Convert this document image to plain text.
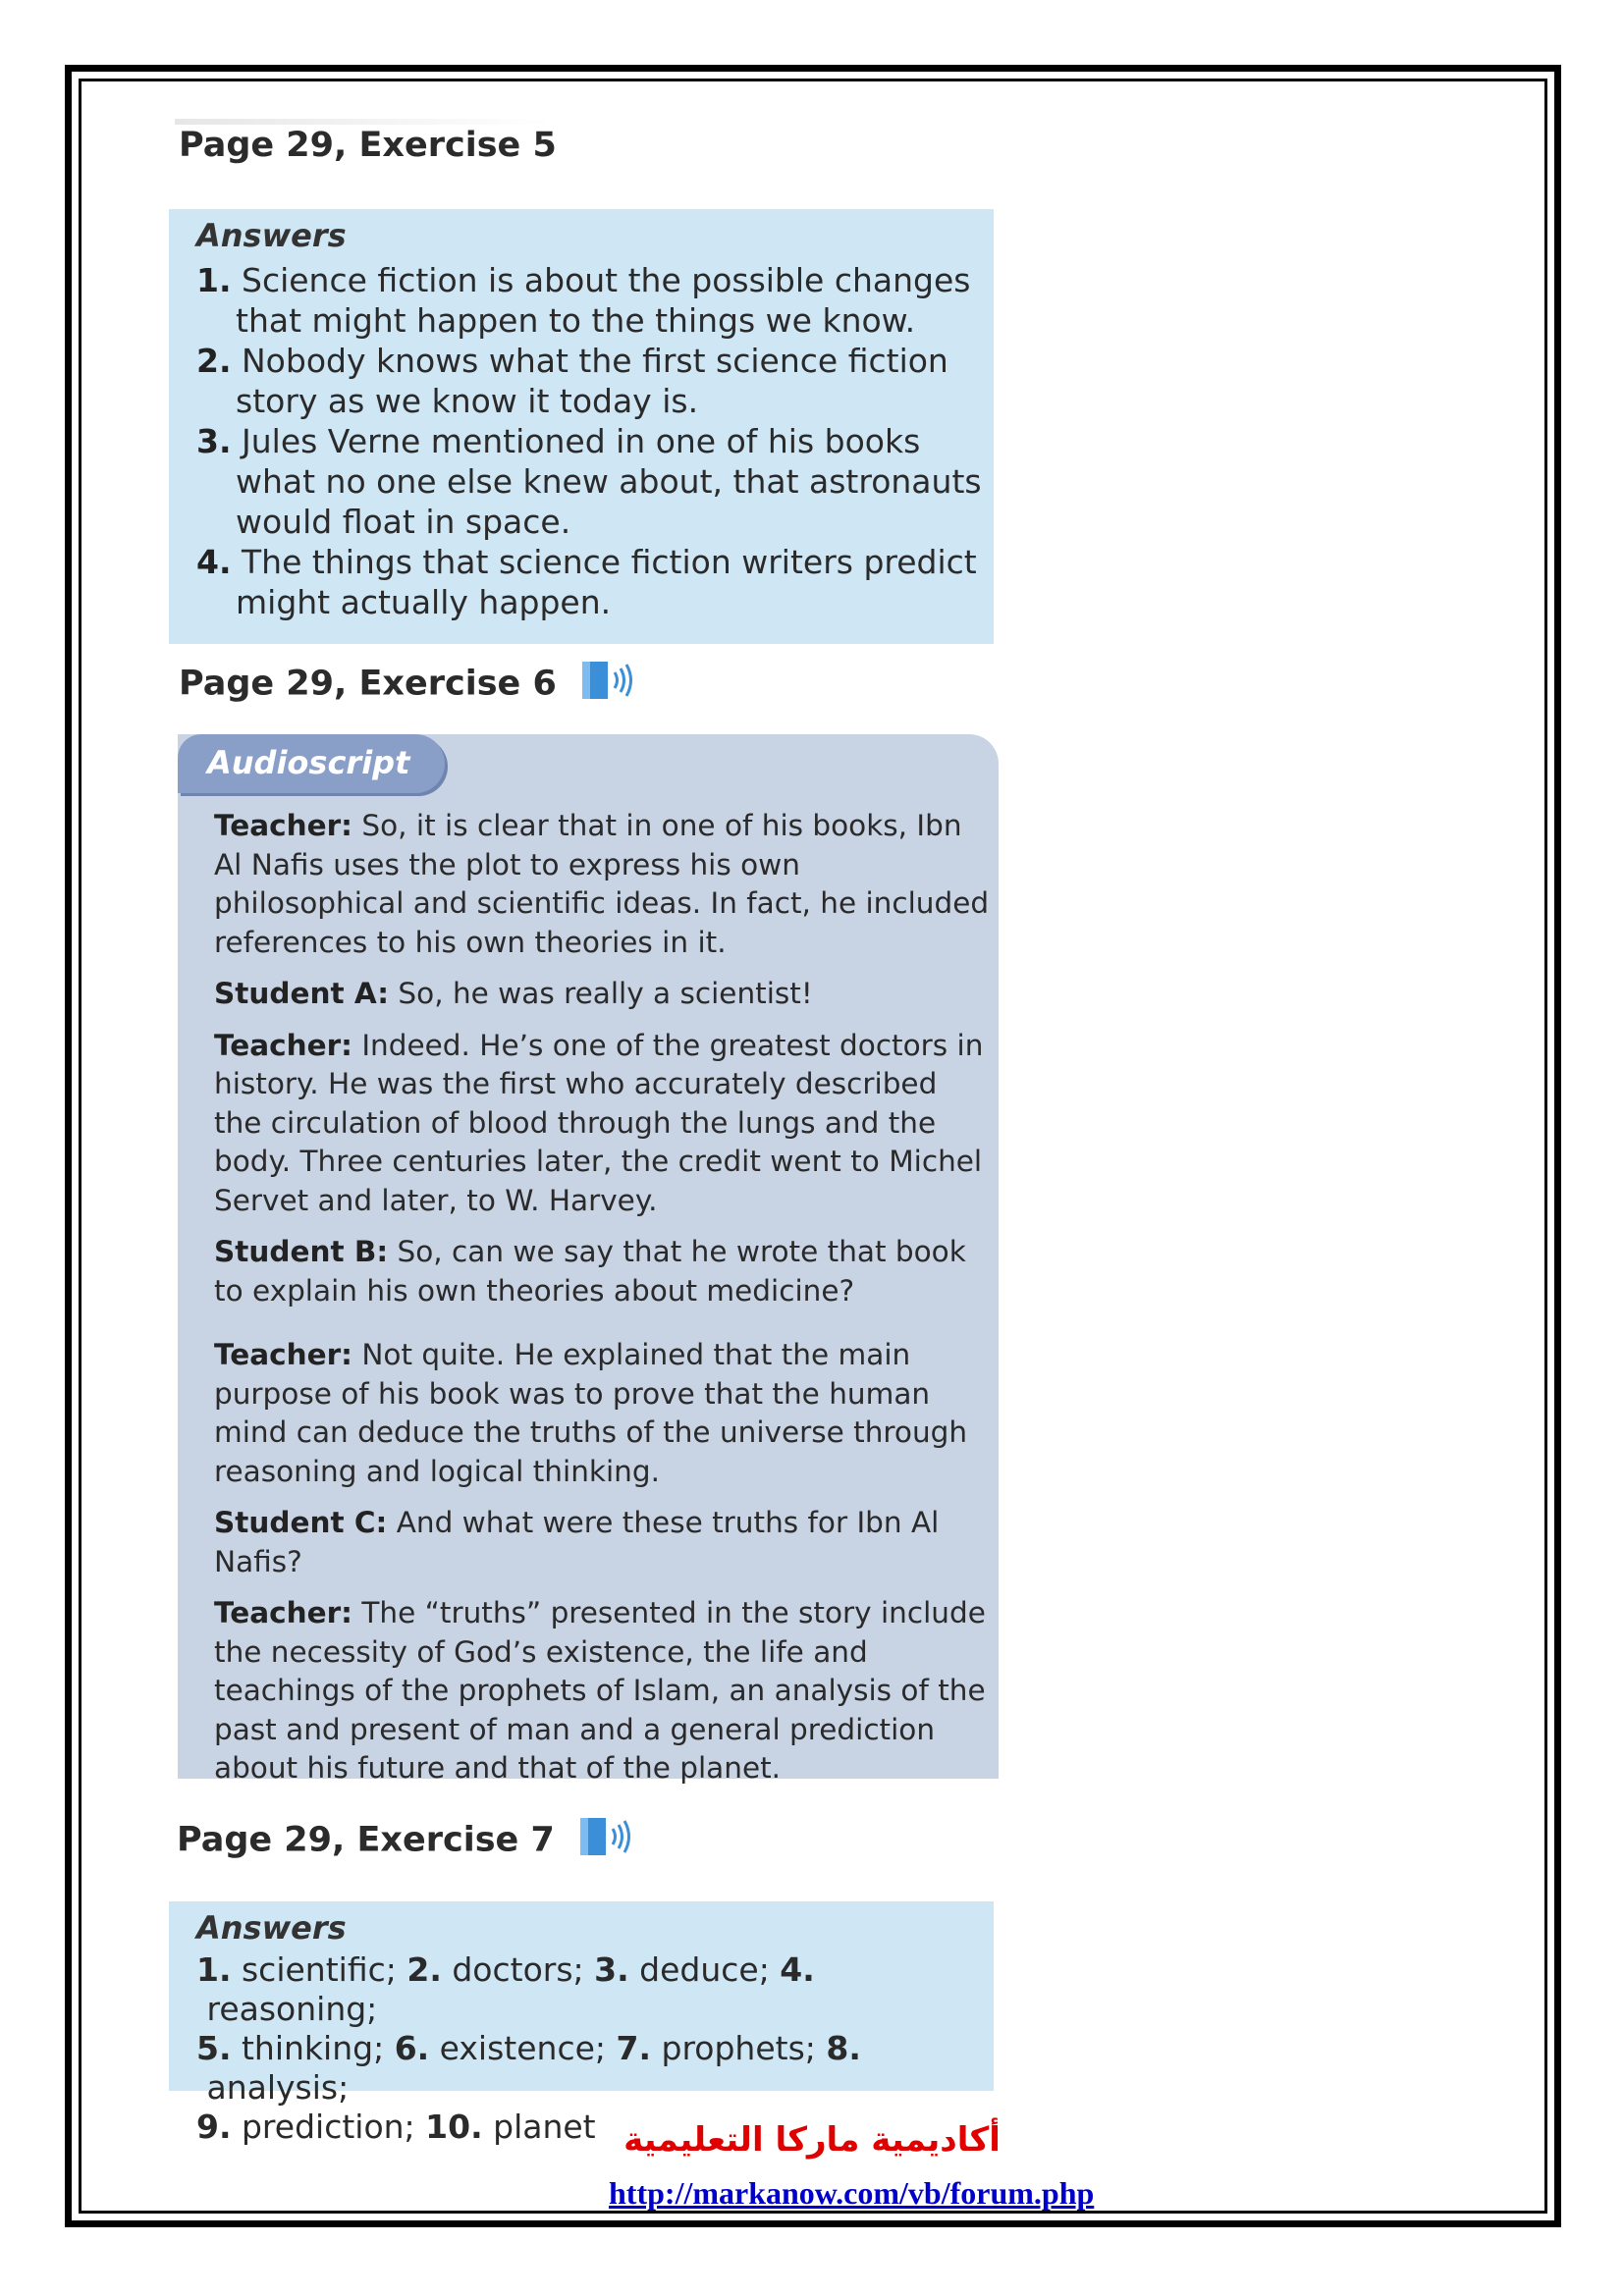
Page 29, Exercise 5

Answers

1. Science fiction is about the possible changes that might happen to the things we know.
2. Nobody knows what the first science fiction story as we know it today is.
3. Jules Verne mentioned in one of his books what no one else knew about, that astronauts would float in space.
4. The things that science fiction writers predict might actually happen.
Page 29, Exercise 6
Audioscript

Teacher: So, it is clear that in one of his books, Ibn Al Nafis uses the plot to express his own philosophical and scientific ideas. In fact, he included references to his own theories in it.

Student A: So, he was really a scientist!

Teacher: Indeed. He’s one of the greatest doctors in history. He was the first who accurately described the circulation of blood through the lungs and the body. Three centuries later, the credit went to Michel Servet and later, to W. Harvey.

Student B: So, can we say that he wrote that book to explain his own theories about medicine?

Teacher: Not quite. He explained that the main purpose of his book was to prove that the human mind can deduce the truths of the universe through reasoning and logical thinking.

Student C: And what were these truths for Ibn Al Nafis?

Teacher: The “truths” presented in the story include the necessity of God’s existence, the life and teachings of the prophets of Islam, an analysis of the past and present of man and a general prediction about his future and that of the planet.

Page 29, Exercise 7

Answers

1. scientific; 2. doctors; 3. deduce; 4. reasoning;
5. thinking; 6. existence; 7. prophets; 8. analysis;
9. prediction; 10. planet أكاديمية ماركا التعليمية
http://markanow.com/vb/forum.php
